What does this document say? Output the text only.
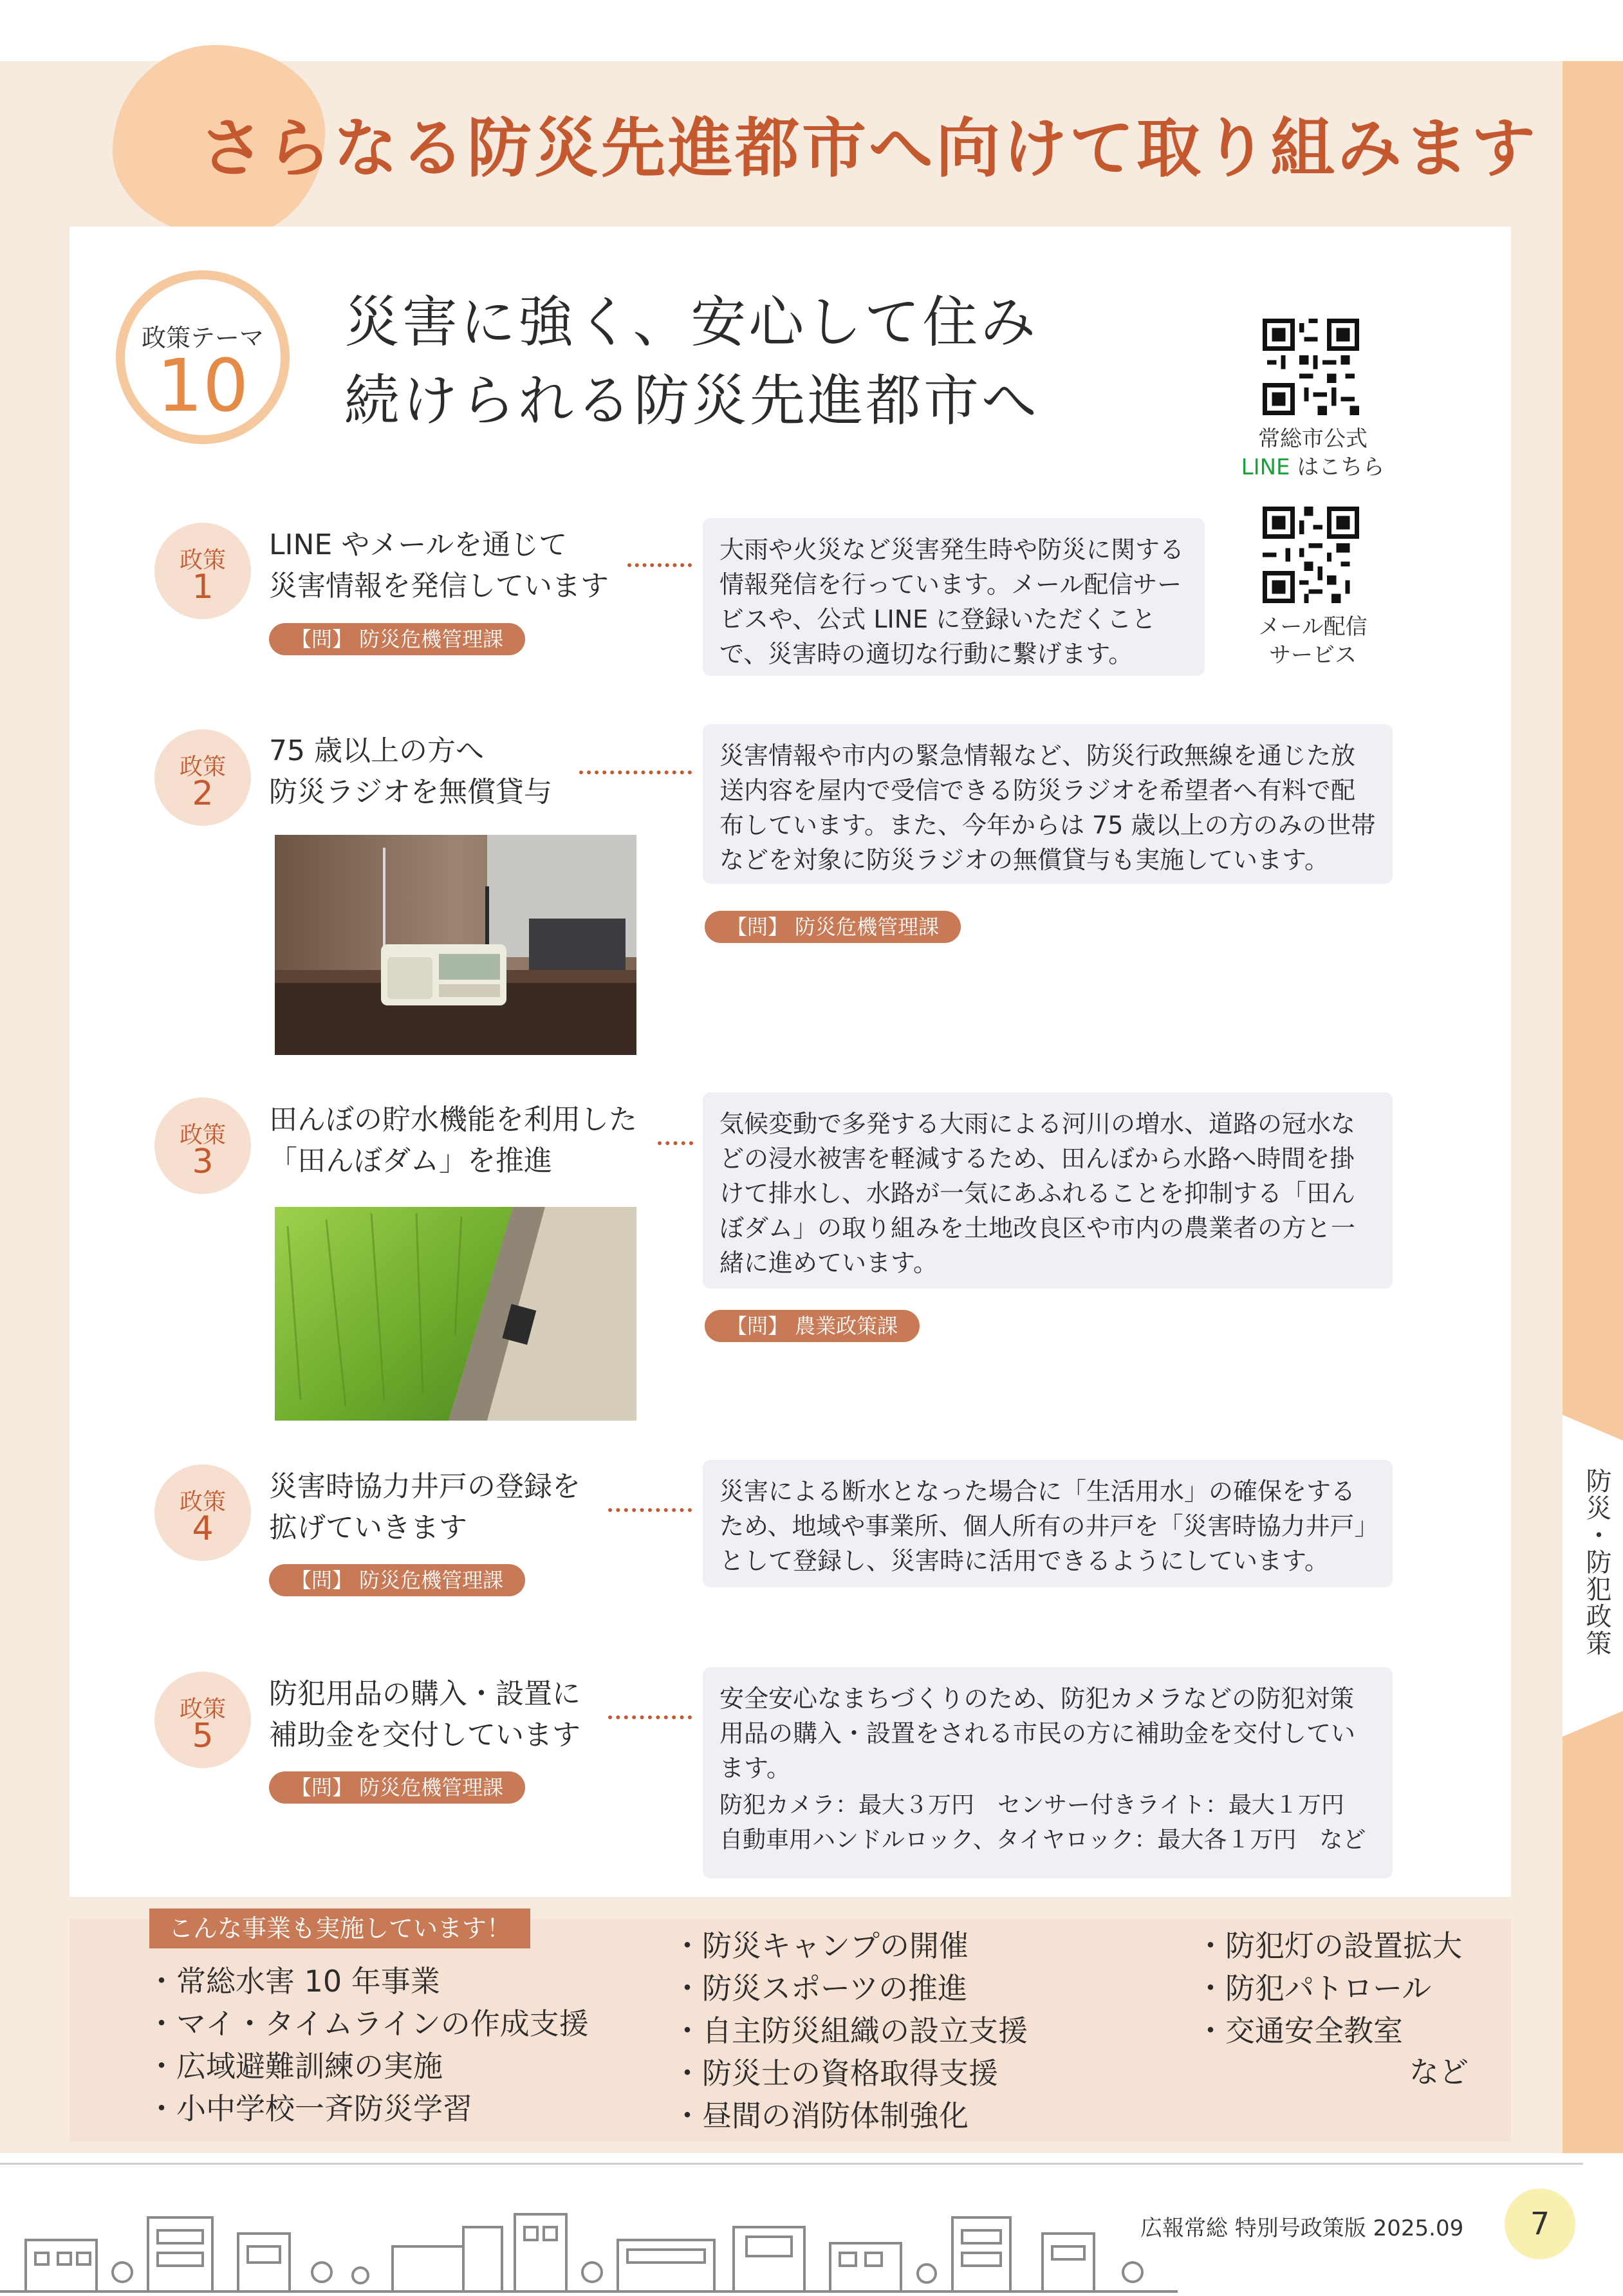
防災・防犯政策
さらなる防災先進都市へ向けて取り組みます
政策テーマ
10
災害に強く、安心して住み
続けられる防災先進都市へ
常総市公式
LINE はこちら
メール配信
サービス
政策
1
LINE やメールを通じて
災害情報を発信しています
【問】 防災危機管理課
大雨や火災など災害発生時や防災に関する情報発信を行っています。メール配信サービスや、公式 LINE に登録いただくことで、災害時の適切な行動に繋げます。
政策
2
75 歳以上の方へ
防災ラジオを無償貸与
災害情報や市内の緊急情報など、防災行政無線を通じた放送内容を屋内で受信できる防災ラジオを希望者へ有料で配布しています。また、今年からは 75 歳以上の方のみの世帯などを対象に防災ラジオの無償貸与も実施しています。
【問】 防災危機管理課
政策
3
田んぼの貯水機能を利用した
「田んぼダム」を推進
気候変動で多発する大雨による河川の増水、道路の冠水などの浸水被害を軽減するため、田んぼから水路へ時間を掛けて排水し、水路が一気にあふれることを抑制する「田んぼダム」の取り組みを土地改良区や市内の農業者の方と一緒に進めています。
【問】 農業政策課
政策
4
災害時協力井戸の登録を
拡げていきます
【問】 防災危機管理課
災害による断水となった場合に「生活用水」の確保をするため、地域や事業所、個人所有の井戸を「災害時協力井戸」として登録し、災害時に活用できるようにしています。
政策
5
防犯用品の購入・設置に
補助金を交付しています
【問】 防災危機管理課
安全安心なまちづくりのため、防犯カメラなどの防犯対策用品の購入・設置をされる市民の方に補助金を交付しています。
防犯カメラ：最大３万円　センサー付きライト：最大１万円
自動車用ハンドルロック、タイヤロック：最大各１万円　など
こんな事業も実施しています！
・常総水害 10 年事業
・マイ・タイムラインの作成支援
・広域避難訓練の実施
・小中学校一斉防災学習
・防災キャンプの開催
・防災スポーツの推進
・自主防災組織の設立支援
・防災士の資格取得支援
・昼間の消防体制強化
・防犯灯の設置拡大
・防犯パトロール
・交通安全教室
など
広報常総 特別号政策版 2025.09	7
